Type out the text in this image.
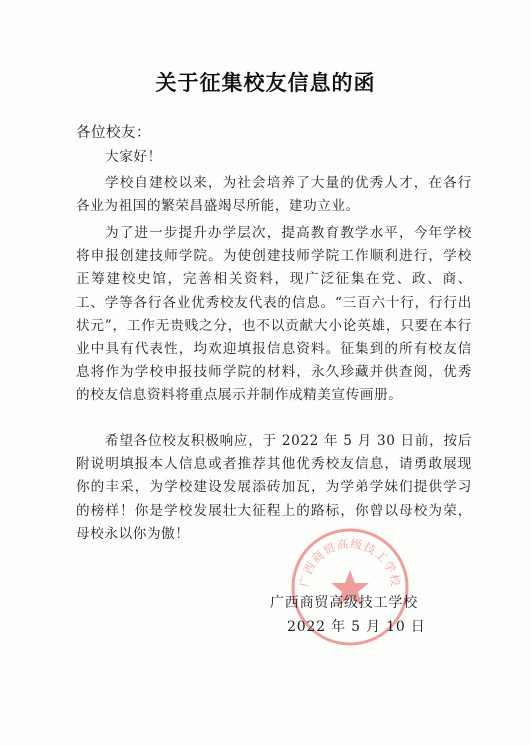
关于征集校友信息的函
各位校友：

大家好！

学校自建校以来，为社会培养了大量的优秀人才，在各行各业为祖国的繁荣昌盛竭尽所能，建功立业。

为了进一步提升办学层次，提高教育教学水平，今年学校将申报创建技师学院。为使创建技师学院工作顺利进行，学校正筹建校史馆，完善相关资料，现广泛征集在党、政、商、工、学等各行各业优秀校友代表的信息。“三百六十行，行行出状元”，工作无贵贱之分，也不以贡献大小论英雄，只要在本行业中具有代表性，均欢迎填报信息资料。征集到的所有校友信息将作为学校申报技师学院的材料，永久珍藏并供查阅，优秀的校友信息资料将重点展示并制作成精美宣传画册。

希望各位校友积极响应，于 2022 年 5 月 30 日前，按后附说明填报本人信息或者推荐其他优秀校友信息，请勇敢展现你的丰采，为学校建设发展添砖加瓦，为学弟学妹们提供学习的榜样！你是学校发展壮大征程上的路标，你曾以母校为荣，母校永以你为傲！

广西商贸高级技工学校
广西商贸高级技工学校
2022 年 5 月 10 日
